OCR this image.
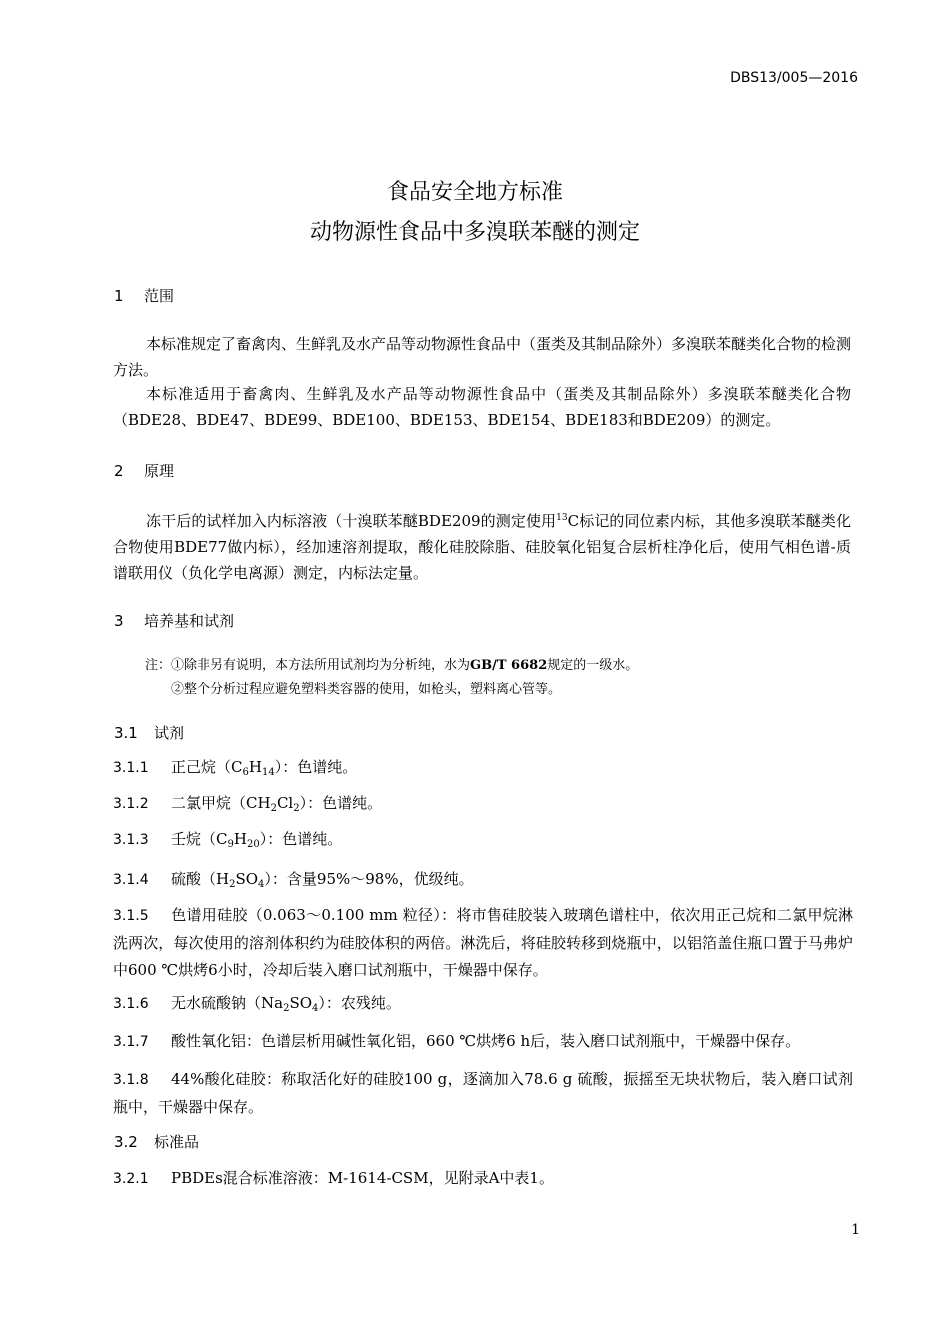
DBS13/005—2016
食品安全地方标准
动物源性食品中多溴联苯醚的测定
1 范围
本标准规定了畜禽肉、生鲜乳及水产品等动物源性食品中（蛋类及其制品除外）多溴联苯醚类化合物的检测方法。
本标准适用于畜禽肉、生鲜乳及水产品等动物源性食品中（蛋类及其制品除外）多溴联苯醚类化合物（BDE28、BDE47、BDE99、BDE100、BDE153、BDE154、BDE183和BDE209）的测定。
2 原理
冻干后的试样加入内标溶液（十溴联苯醚BDE209的测定使用$^{13}$C标记的同位素内标，其他多溴联苯醚类化合物使用BDE77做内标），经加速溶剂提取，酸化硅胶除脂、硅胶氧化铝复合层析柱净化后，使用气相色谱-质谱联用仪（负化学电离源）测定，内标法定量。
3 培养基和试剂
注：①除非另有说明，本方法所用试剂均为分析纯，水为GB/T 6682规定的一级水。
②整个分析过程应避免塑料类容器的使用，如枪头，塑料离心管等。
3.1 试剂
3.1.1 正己烷$(C_6H_{14})$：色谱纯。
3.1.2 二氯甲烷$(CH_2Cl_2)$：色谱纯。
3.1.3 壬烷$(C_9H_{20})$：色谱纯。
3.1.4 硫酸$(H_2SO_4)$：含量95%～98%，优级纯。
3.1.5 色谱用硅胶（0.063～0.100 mm 粒径）：将市售硅胶装入玻璃色谱柱中，依次用正己烷和二氯甲烷淋洗两次，每次使用的溶剂体积约为硅胶体积的两倍。淋洗后，将硅胶转移到烧瓶中，以铝箔盖住瓶口置于马弗炉中600 ℃烘烤6小时，冷却后装入磨口试剂瓶中，干燥器中保存。
3.1.6 无水硫酸钠$(Na_2SO_4)$：农残纯。
3.1.7 酸性氧化铝：色谱层析用碱性氧化铝，660 ℃烘烤6 h后，装入磨口试剂瓶中，干燥器中保存。
3.1.8 44%酸化硅胶：称取活化好的硅胶100 g，逐滴加入78.6 g 硫酸，振摇至无块状物后，装入磨口试剂瓶中，干燥器中保存。
3.2 标准品
3.2.1 PBDEs混合标准溶液：M-1614-CSM，见附录A中表1。
1
